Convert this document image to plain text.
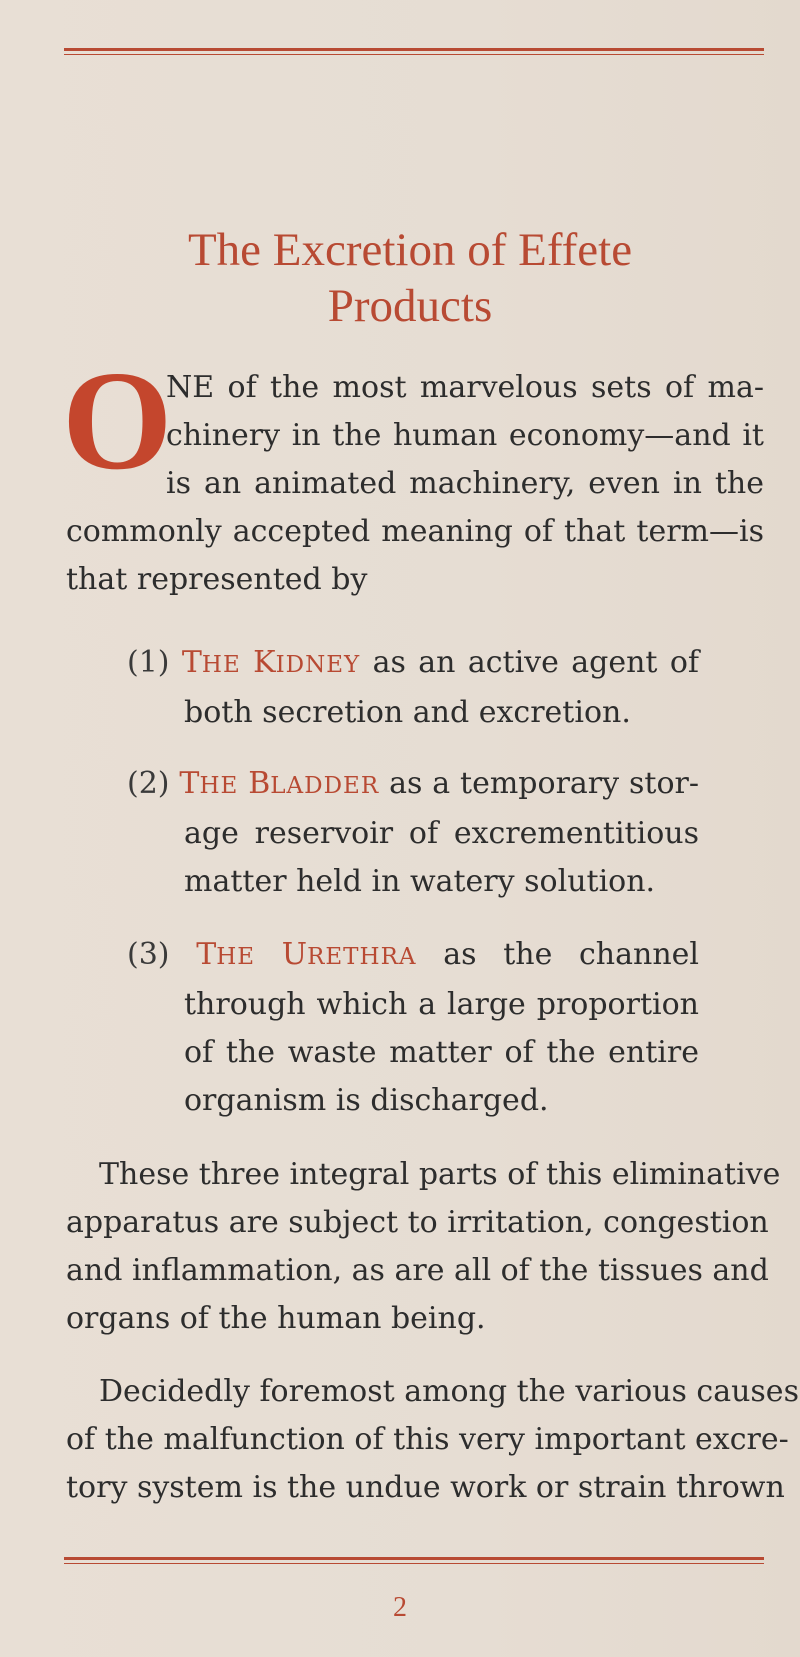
The Excretion of Effete
Products
O
NE of the most marvelous sets of ma-
chinery in the human economy—and it
is an animated machinery, even in the
commonly accepted meaning of that term—is
that represented by
(1) THE KIDNEY as an active agent of
both secretion and excretion.
(2) THE BLADDER as a temporary stor-
age reservoir of excrementitious
matter held in watery solution.
(3) THE URETHRA as the channel
through which a large proportion
of the waste matter of the entire
organism is discharged.
These three integral parts of this eliminative
apparatus are subject to irritation, congestion
and inflammation, as are all of the tissues and
organs of the human being.
Decidedly foremost among the various causes
of the malfunction of this very important excre-
tory system is the undue work or strain thrown
2
